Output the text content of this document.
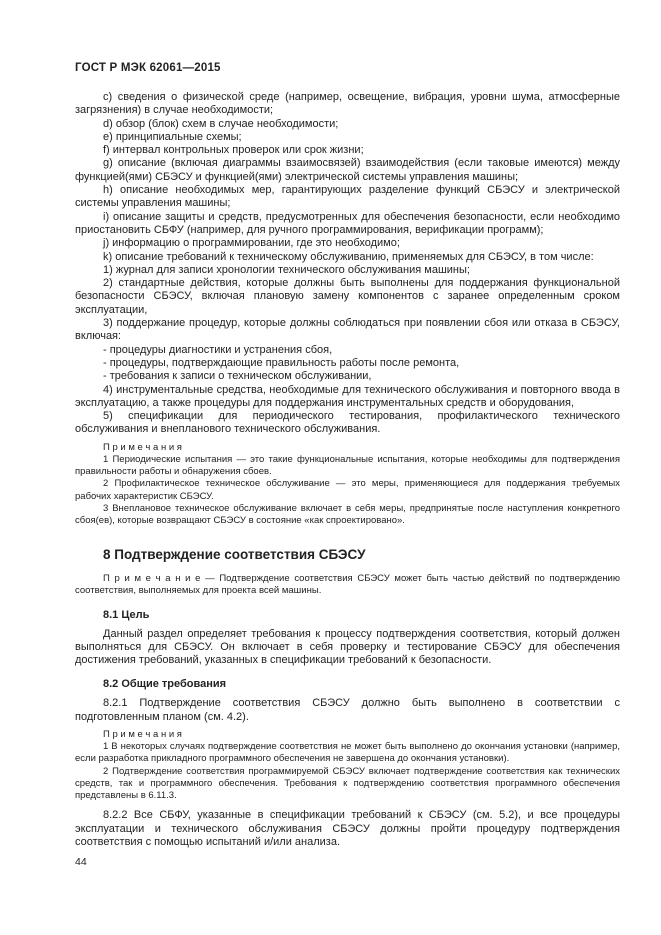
ГОСТ Р МЭК 62061—2015

c) сведения о физической среде (например, освещение, вибрация, уровни шума, атмосферные загрязнения) в случае необходимости;

d) обзор (блок) схем в случае необходимости;

e) принципиальные схемы;

f) интервал контрольных проверок или срок жизни;

g) описание (включая диаграммы взаимосвязей) взаимодействия (если таковые имеются) между функцией(ями) СБЭСУ и функцией(ями) электрической системы управления машины;

h) описание необходимых мер, гарантирующих разделение функций СБЭСУ и электрической системы управления машины;

i) описание защиты и средств, предусмотренных для обеспечения безопасности, если необходимо приостановить СБФУ (например, для ручного программирования, верификации программ);

j) информацию о программировании, где это необходимо;

k) описание требований к техническому обслуживанию, применяемых для СБЭСУ, в том числе:

1) журнал для записи хронологии технического обслуживания машины;

2) стандартные действия, которые должны быть выполнены для поддержания функциональной безопасности СБЭСУ, включая плановую замену компонентов с заранее определенным сроком эксплуатации,

3) поддержание процедур, которые должны соблюдаться при появлении сбоя или отказа в СБЭСУ, включая:

- процедуры диагностики и устранения сбоя,

- процедуры, подтверждающие правильность работы после ремонта,

- требования к записи о техническом обслуживании,

4) инструментальные средства, необходимые для технического обслуживания и повторного ввода в эксплуатацию, а также процедуры для поддержания инструментальных средств и оборудования,

5) спецификации для периодического тестирования, профилактического технического обслуживания и внепланового технического обслуживания.

П р и м е ч а н и я

1 Периодические испытания — это такие функциональные испытания, которые необходимы для подтверждения правильности работы и обнаружения сбоев.

2 Профилактическое техническое обслуживание — это меры, применяющиеся для поддержания требуемых рабочих характеристик СБЭСУ.

3 Внеплановое техническое обслуживание включает в себя меры, предпринятые после наступления конкретного сбоя(ев), которые возвращают СБЭСУ в состояние «как спроектировано».

8 Подтверждение соответствия СБЭСУ

П р и м е ч а н и е — Подтверждение соответствия СБЭСУ может быть частью действий по подтверждению соответствия, выполняемых для проекта всей машины.

8.1 Цель

Данный раздел определяет требования к процессу подтверждения соответствия, который должен выполняться для СБЭСУ. Он включает в себя проверку и тестирование СБЭСУ для обеспечения достижения требований, указанных в спецификации требований к безопасности.

8.2 Общие требования

8.2.1 Подтверждение соответствия СБЭСУ должно быть выполнено в соответствии с подготовленным планом (см. 4.2).

П р и м е ч а н и я

1 В некоторых случаях подтверждение соответствия не может быть выполнено до окончания установки (например, если разработка прикладного программного обеспечения не завершена до окончания установки).

2 Подтверждение соответствия программируемой СБЭСУ включает подтверждение соответствия как технических средств, так и программного обеспечения. Требования к подтверждению соответствия программного обеспечения представлены в 6.11.3.

8.2.2 Все СБФУ, указанные в спецификации требований к СБЭСУ (см. 5.2), и все процедуры эксплуатации и технического обслуживания СБЭСУ должны пройти процедуру подтверждения соответствия с помощью испытаний и/или анализа.

44
